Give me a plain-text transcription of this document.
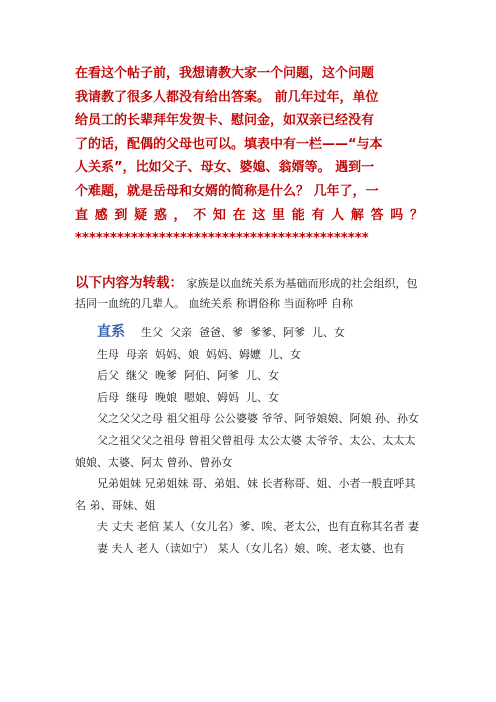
在看这个帖子前，我想请教大家一个问题，这个问题
我请教了很多人都没有给出答案。 前几年过年，单位
给员工的长辈拜年发贺卡、慰问金，如双亲已经没有
了的话，配偶的父母也可以。填表中有一栏——“与本
人关系”，比如父子、母女、婆媳、翁婿等。 遇到一
个难题，就是岳母和女婿的简称是什么？ 几年了，一
直感到疑惑，不知在这里能有人解答吗？
******************************************
以下内容为转载： 家族是以血统关系为基础而形成的社会组织，包括同一血统的几辈人。 血统关系 称谓俗称 当面称呼 自称
直系 生父  父亲  爸爸、爹  爹爹、阿爹  儿、女
生母  母亲  妈妈、娘  妈妈、姆嬷  儿、女
后父  继父  晚爹  阿伯、阿爹  儿、女
后母  继母  晚娘  嗯娘、姆妈  儿、女
父之父父之母 祖父祖母 公公婆婆 爷爷、阿爷娘娘、阿娘 孙、孙女
父之祖父父之祖母 曾祖父曾祖母 太公太婆 太爷爷、太公、太太太娘娘、太婆、阿太 曾孙、曾孙女
兄弟姐妹 兄弟姐妹 哥、弟姐、妹 长者称哥、姐、小者一般直呼其名 弟、哥妹、姐
夫 丈夫 老倌 某人（女儿名）爹、唉、老太公，也有直称其名者 妻
妻 夫人 老人（读如宁） 某人（女儿名）娘、唉、老太婆、也有
